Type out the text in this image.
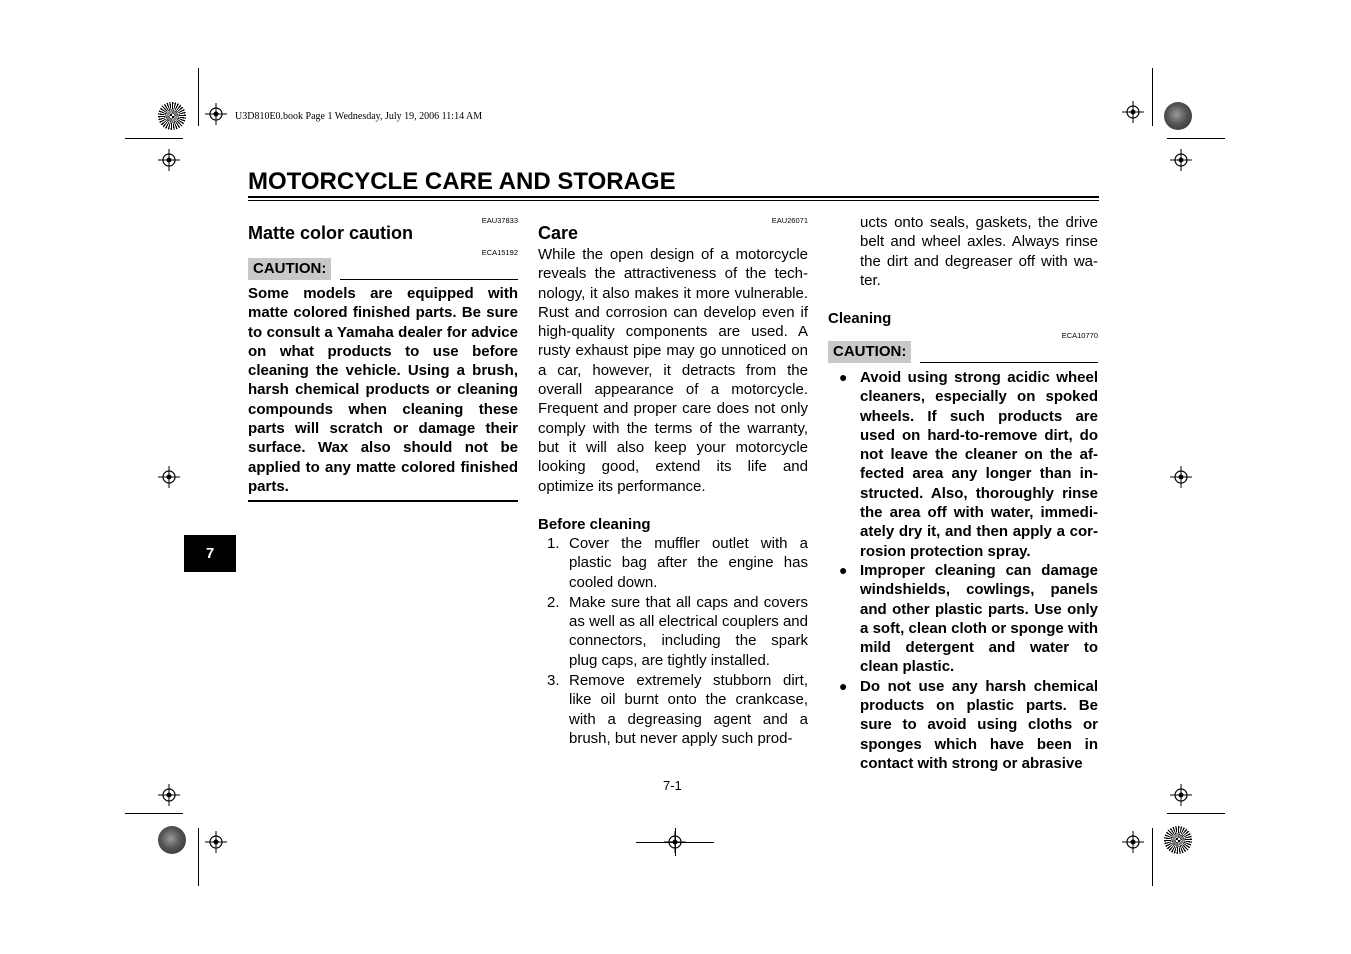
U3D810E0.book Page 1 Wednesday, July 19, 2006 11:14 AM
MOTORCYCLE CARE AND STORAGE
EAU37833
Matte color caution
ECA15192
CAUTION:
Some models are equipped with matte colored finished parts. Be sure to consult a Yamaha dealer for advice on what products to use before cleaning the vehicle. Using a brush, harsh chemical products or cleaning compounds when cleaning these parts will scratch or damage their surface. Wax also should not be applied to any matte colored finished parts.
EAU26071
Care
While the open design of a motorcycle reveals the attractiveness of the technology, it also makes it more vulnerable. Rust and corrosion can develop even if high-quality components are used. A rusty exhaust pipe may go unnoticed on a car, however, it detracts from the overall appearance of a motorcycle. Frequent and proper care does not only comply with the terms of the warranty, but it will also keep your motorcycle looking good, extend its life and optimize its performance.
Before cleaning
1. Cover the muffler outlet with a plastic bag after the engine has cooled down.
2. Make sure that all caps and covers as well as all electrical couplers and connectors, including the spark plug caps, are tightly installed.
3. Remove extremely stubborn dirt, like oil burnt onto the crankcase, with a degreasing agent and a brush, but never apply such prod-
ucts onto seals, gaskets, the drive belt and wheel axles. Always rinse the dirt and degreaser off with water.
Cleaning
ECA10770
CAUTION:
● Avoid using strong acidic wheel cleaners, especially on spoked wheels. If such products are used on hard-to-remove dirt, do not leave the cleaner on the affected area any longer than instructed. Also, thoroughly rinse the area off with water, immediately dry it, and then apply a corrosion protection spray.
● Improper cleaning can damage windshields, cowlings, panels and other plastic parts. Use only a soft, clean cloth or sponge with mild detergent and water to clean plastic.
● Do not use any harsh chemical products on plastic parts. Be sure to avoid using cloths or sponges which have been in contact with strong or abrasive
7
7-1
